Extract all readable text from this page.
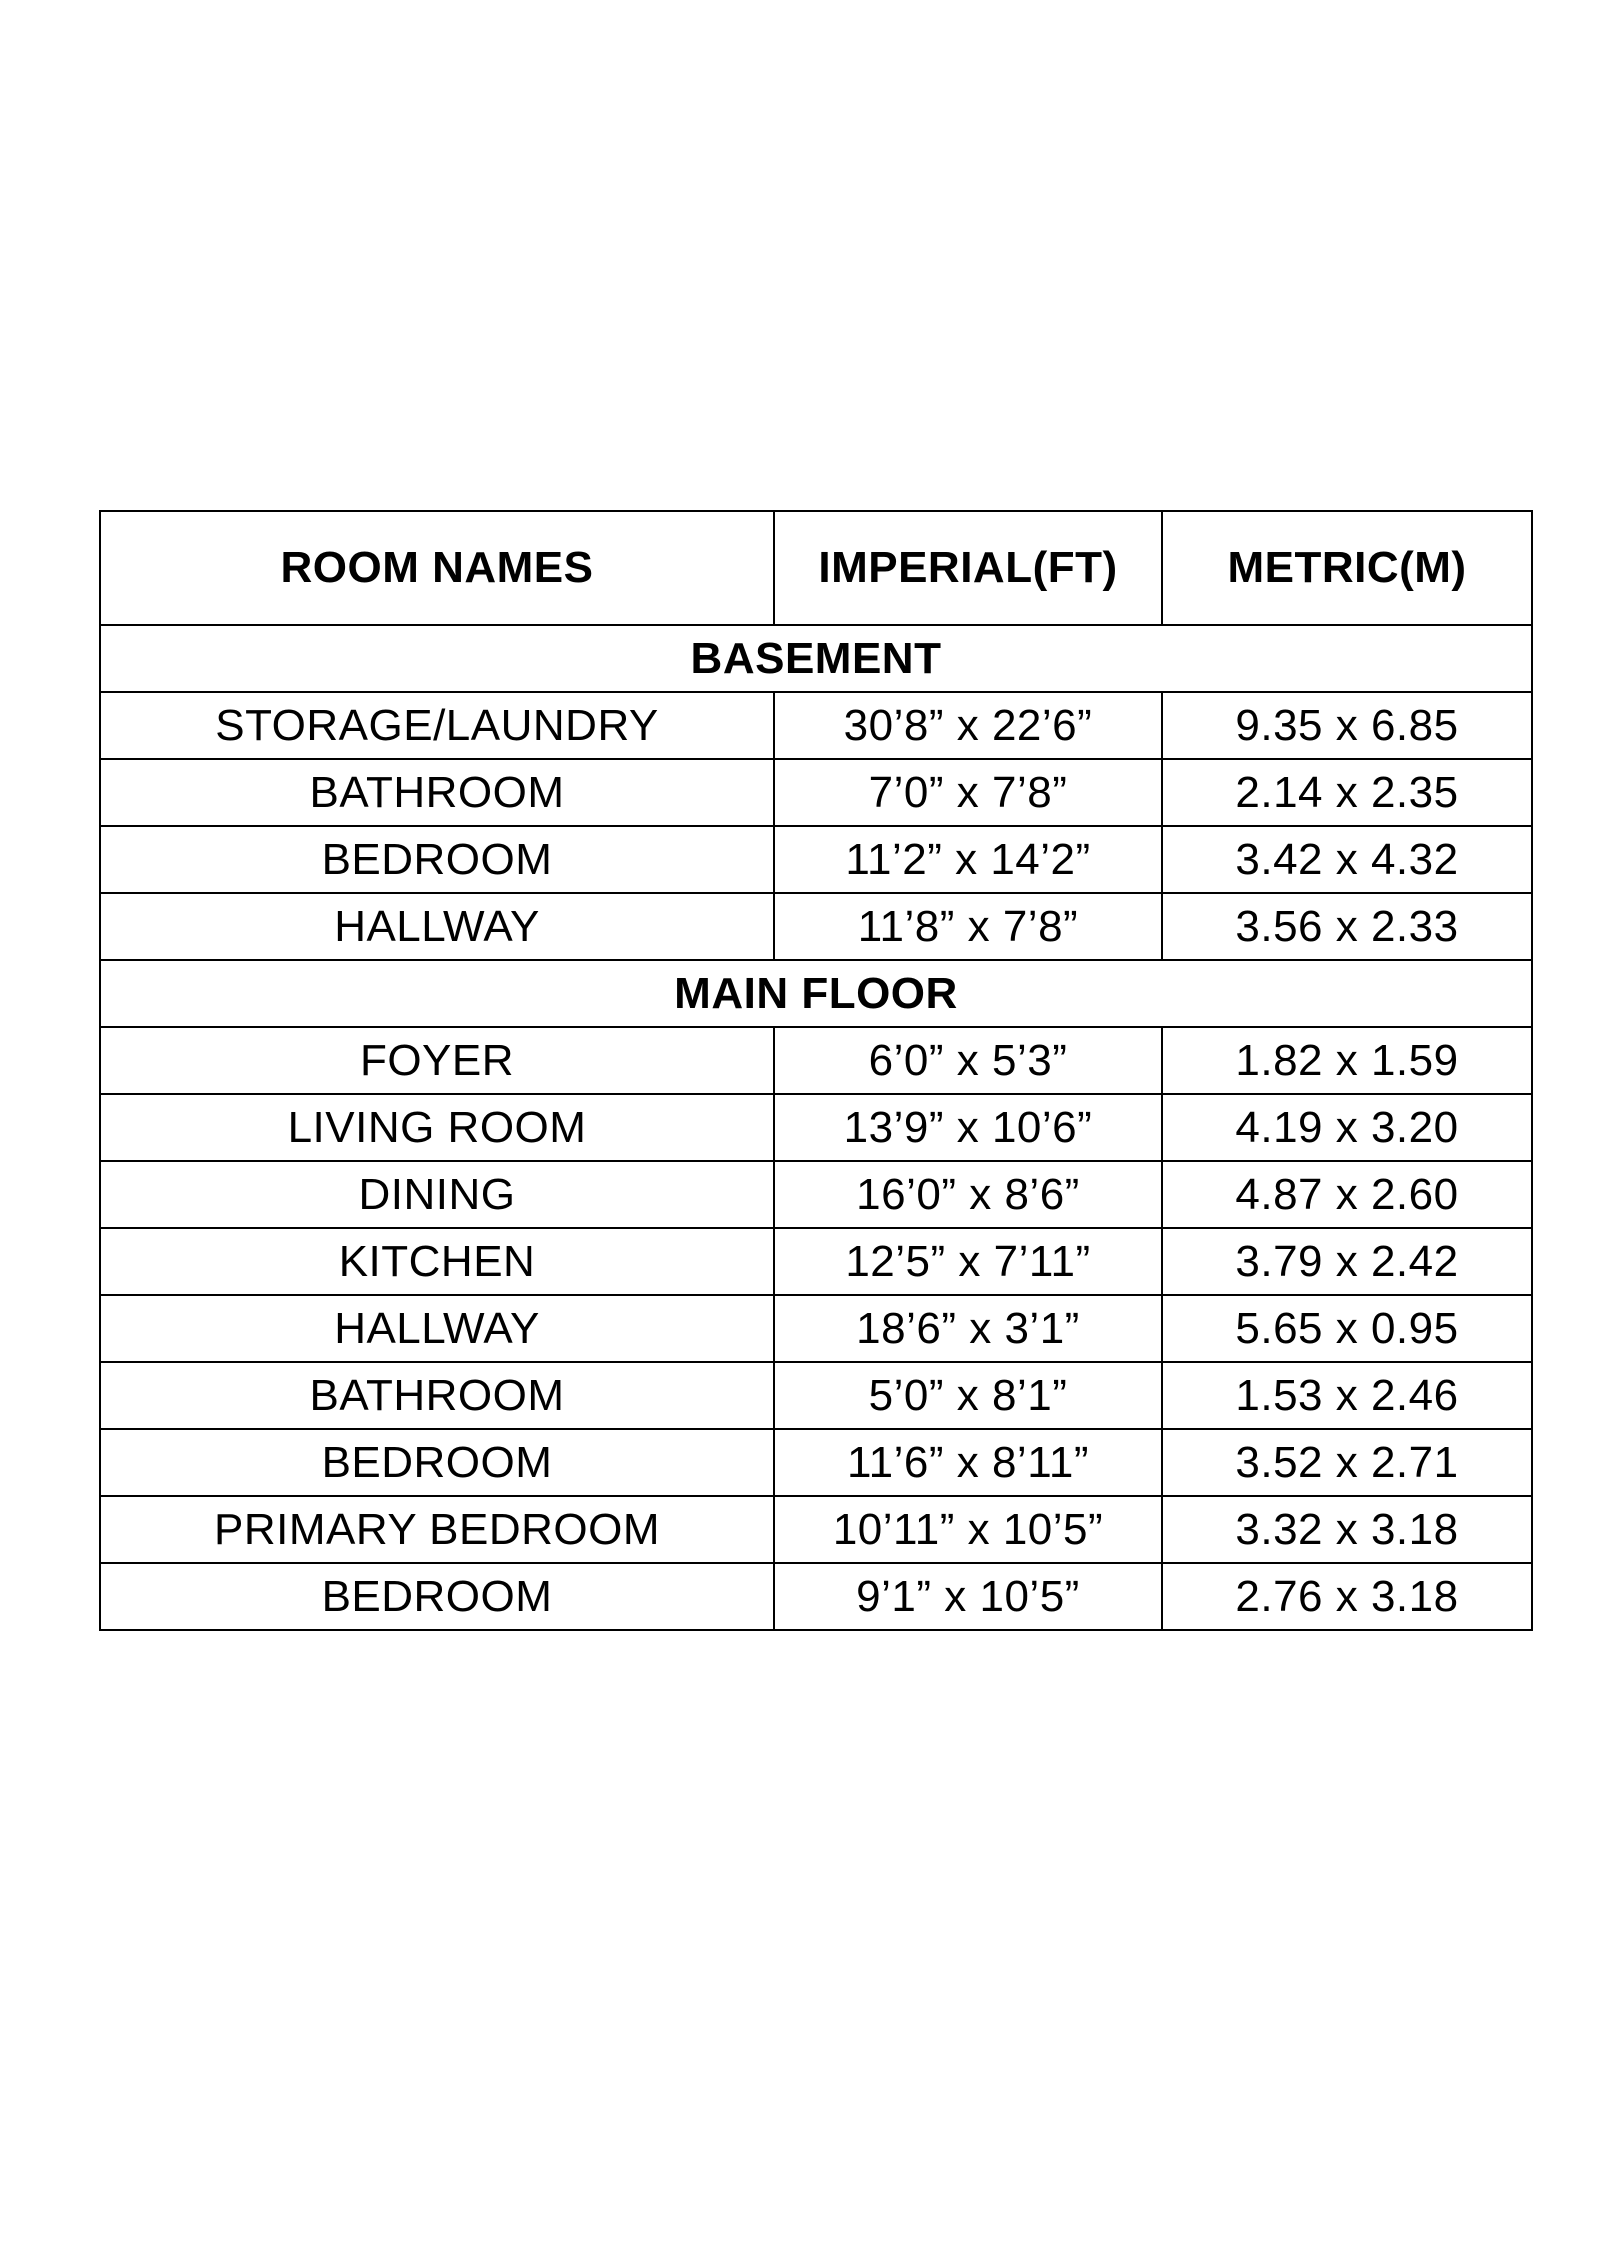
ROOM NAMES	IMPERIAL(FT)	METRIC(M)
BASEMENT		
STORAGE/LAUNDRY	30’8” x 22’6”	9.35 x 6.85
BATHROOM	7’0” x 7’8”	2.14 x 2.35
BEDROOM	11’2” x 14’2”	3.42 x 4.32
HALLWAY	11’8” x 7’8”	3.56 x 2.33
MAIN FLOOR		
FOYER	6’0” x 5’3”	1.82 x 1.59
LIVING ROOM	13’9” x 10’6”	4.19 x 3.20
DINING	16’0” x 8’6”	4.87 x 2.60
KITCHEN	12’5” x 7’11”	3.79 x 2.42
HALLWAY	18’6” x 3’1”	5.65 x 0.95
BATHROOM	5’0” x 8’1”	1.53 x 2.46
BEDROOM	11’6” x 8’11”	3.52 x 2.71
PRIMARY BEDROOM	10’11” x 10’5”	3.32 x 3.18
BEDROOM	9’1” x 10’5”	2.76 x 3.18
